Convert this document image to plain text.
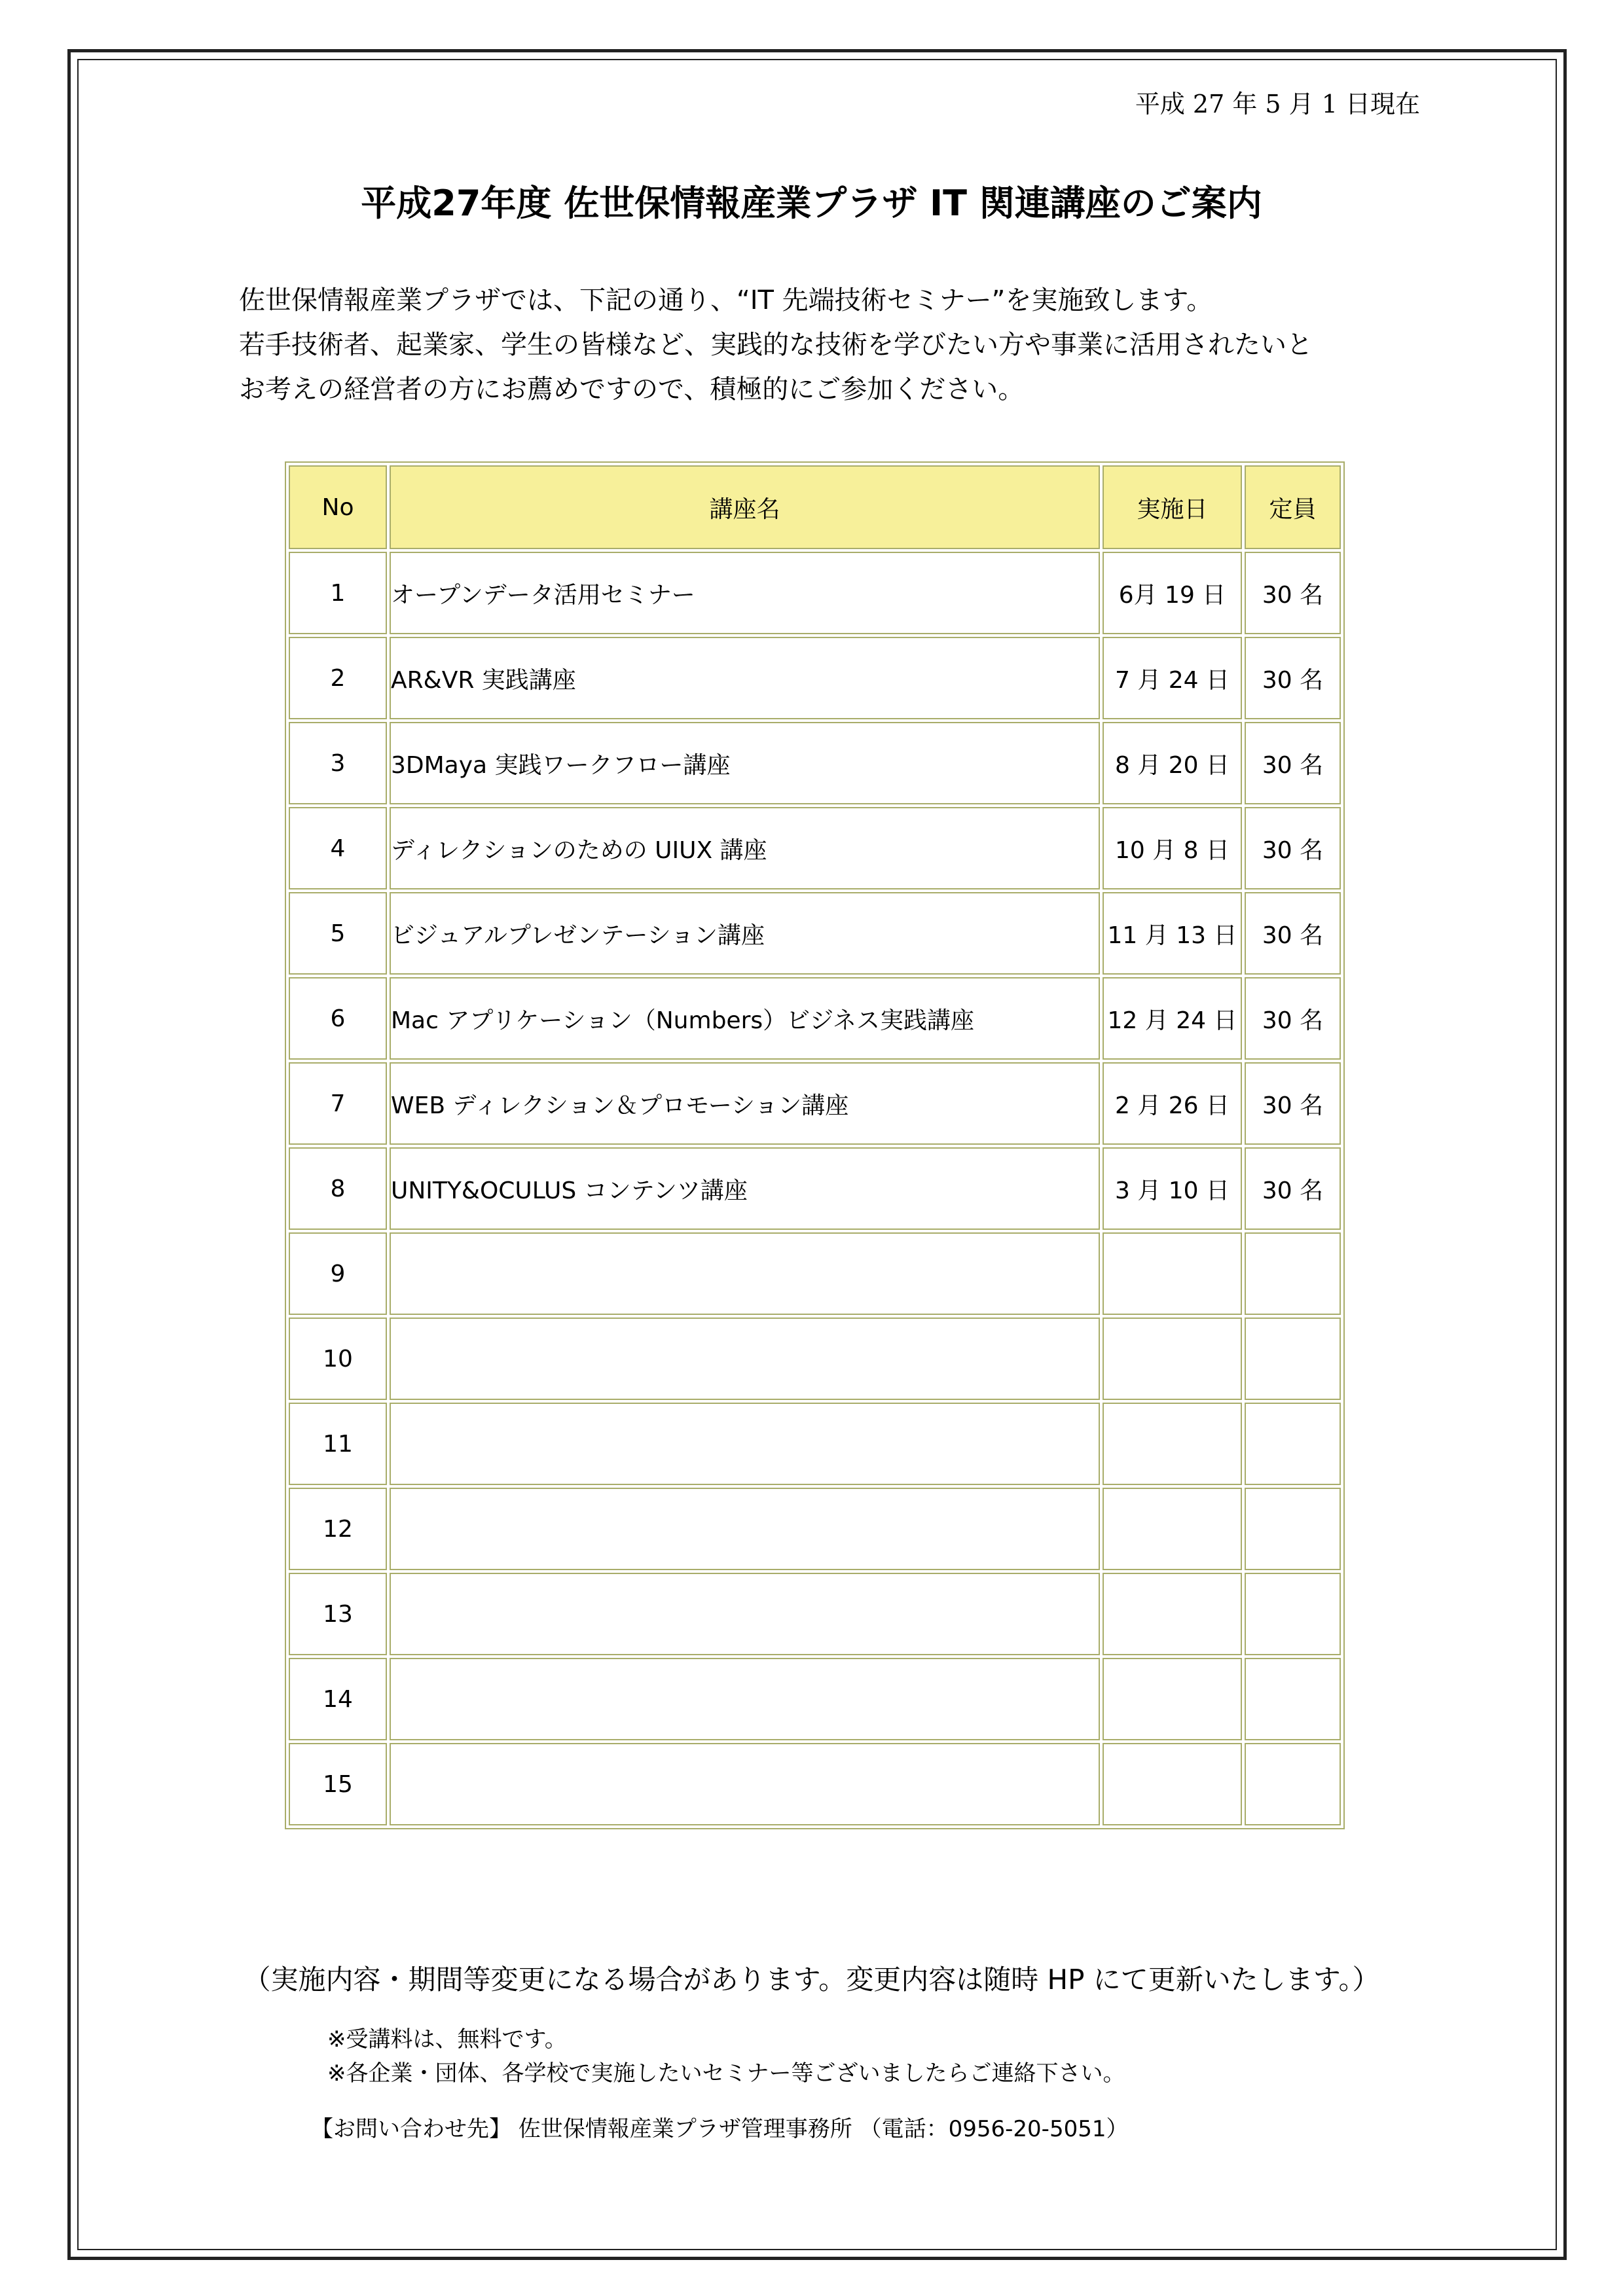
平成 27 年 5 月 1 日現在
平成27年度 佐世保情報産業プラザ IT 関連講座のご案内

佐世保情報産業プラザでは、下記の通り、“IT 先端技術セミナー”を実施致します。

若手技術者、起業家、学生の皆様など、実践的な技術を学びたい方や事業に活用されたいと

お考えの経営者の方にお薦めですので、積極的にご参加ください。

No	講座名	実施日	定員
1	オープンデータ活用セミナー	6月 19 日	30 名
2	AR&VR 実践講座	7 月 24 日	30 名
3	3DMaya 実践ワークフロー講座	8 月 20 日	30 名
4	ディレクションのための UIUX 講座	10 月 8 日	30 名
5	ビジュアルプレゼンテーション講座	11 月 13 日	30 名
6	Mac アプリケーション（Numbers）ビジネス実践講座	12 月 24 日	30 名
7	WEB ディレクション＆プロモーション講座	2 月 26 日	30 名
8	UNITY&OCULUS コンテンツ講座	3 月 10 日	30 名
9			
10			
11			
12			
13			
14			
15			
（実施内容・期間等変更になる場合があります。変更内容は随時 HP にて更新いたします。）

※受講料は、無料です。

※各企業・団体、各学校で実施したいセミナー等ございましたらご連絡下さい。

【お問い合わせ先】 佐世保情報産業プラザ管理事務所 （電話：0956-20-5051）
